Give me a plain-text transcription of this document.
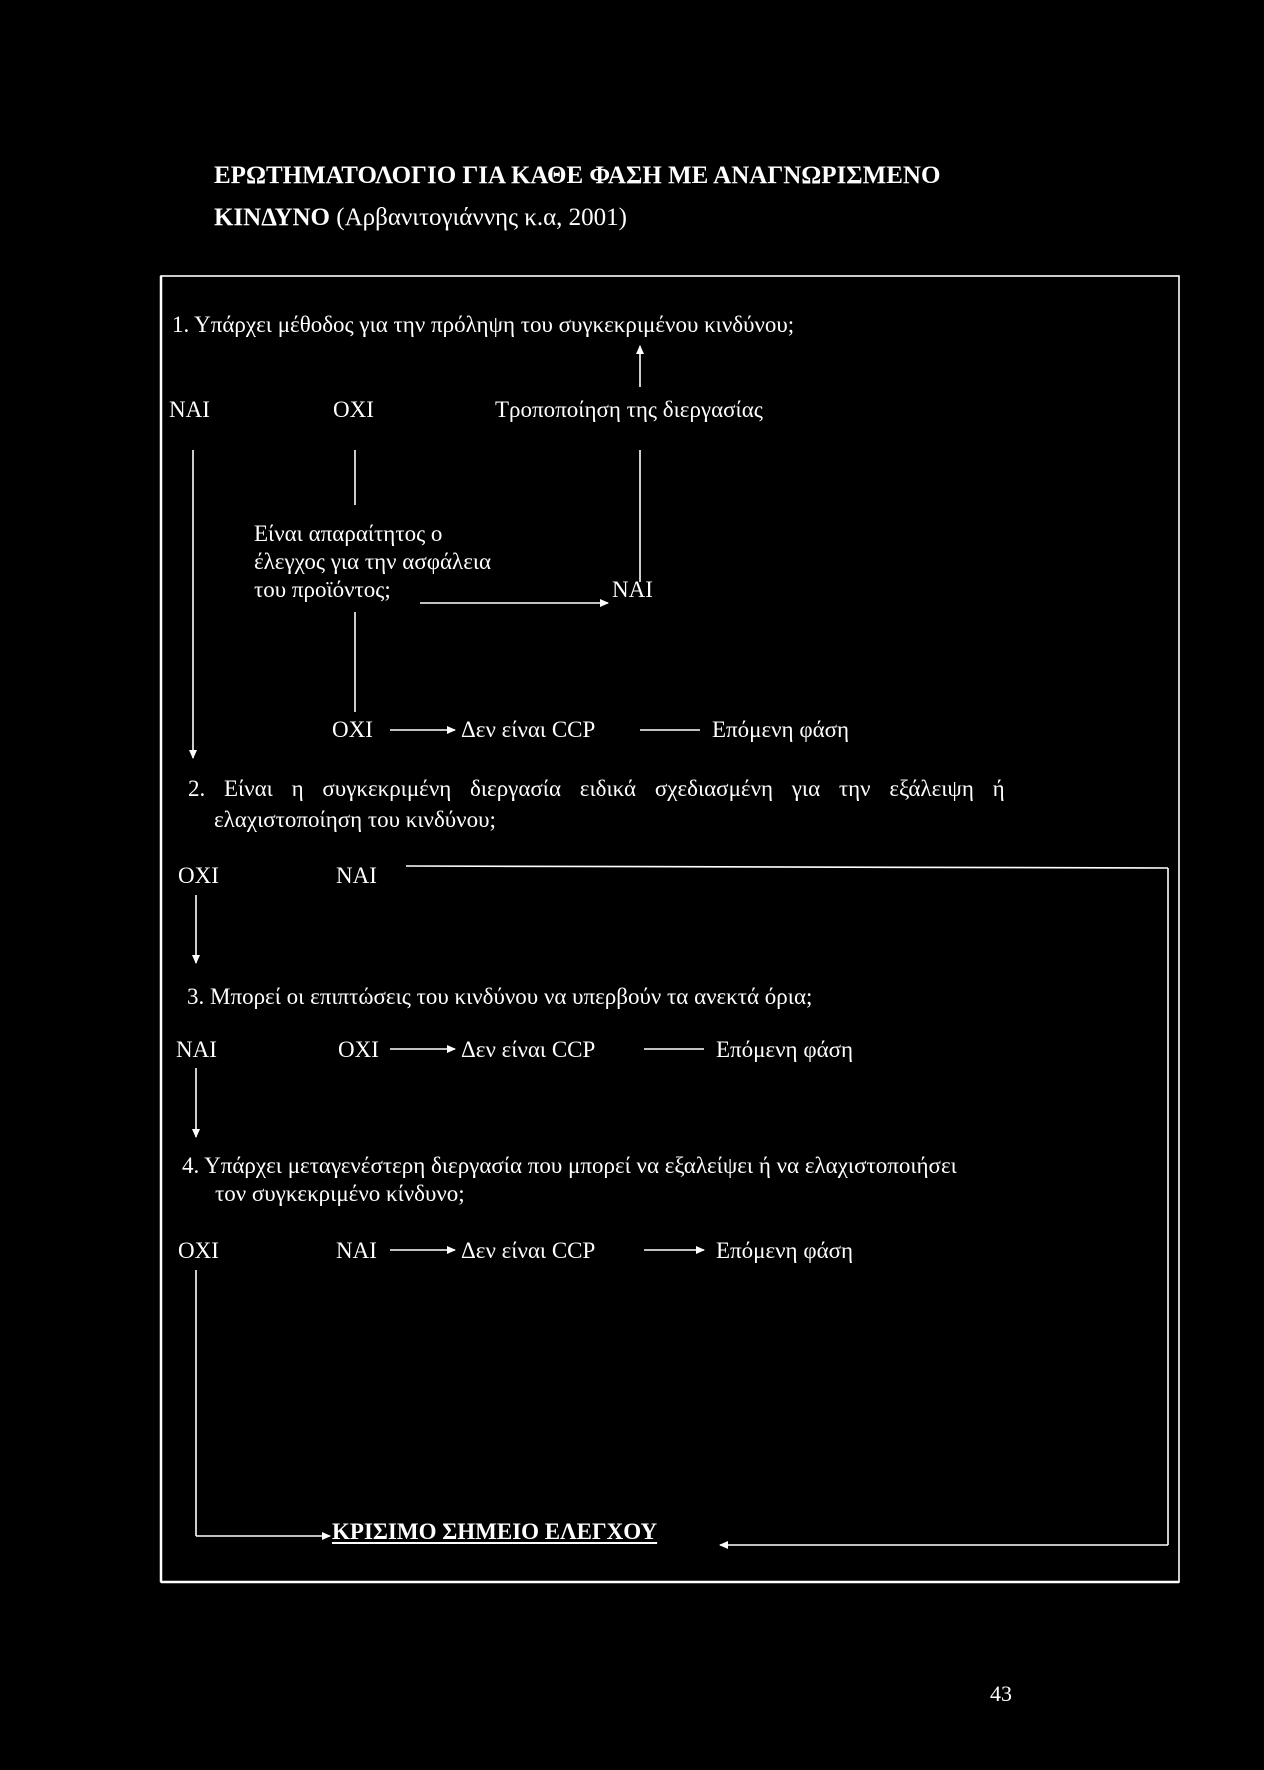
ΕΡΩΤΗΜΑΤΟΛΟΓΙΟ ΓΙΑ ΚΑΘΕ ΦΑΣΗ ΜΕ ΑΝΑΓΝΩΡΙΣΜΕΝΟ
ΚΙΝΔΥΝΟ (Αρβανιτογιάννης κ.α, 2001)
1. Υπάρχει μέθοδος για την πρόληψη του συγκεκριμένου κινδύνου;
ΝΑΙ	ΟΧΙ	Τροποποίηση της διεργασίας
Είναι απαραίτητος ο
έλεγχος για την ασφάλεια
του προϊόντος;	ΝΑΙ
ΟΧΙ	Δεν είναι CCP	Επόμενη φάση
2. Είναι η συγκεκριμένη διεργασία ειδικά σχεδιασμένη για την εξάλειψη ή
ελαχιστοποίηση του κινδύνου;
ΟΧΙ	ΝΑΙ
3. Μπορεί οι επιπτώσεις του κινδύνου να υπερβούν τα ανεκτά όρια;
ΝΑΙ	ΟΧΙ	Δεν είναι CCP	Επόμενη φάση
4. Υπάρχει μεταγενέστερη διεργασία που μπορεί να εξαλείψει ή να ελαχιστοποιήσει
τον συγκεκριμένο κίνδυνο;
ΟΧΙ	ΝΑΙ	Δεν είναι CCP	Επόμενη φάση
ΚΡΙΣΙΜΟ ΣΗΜΕΙΟ ΕΛΕΓΧΟΥ
43
